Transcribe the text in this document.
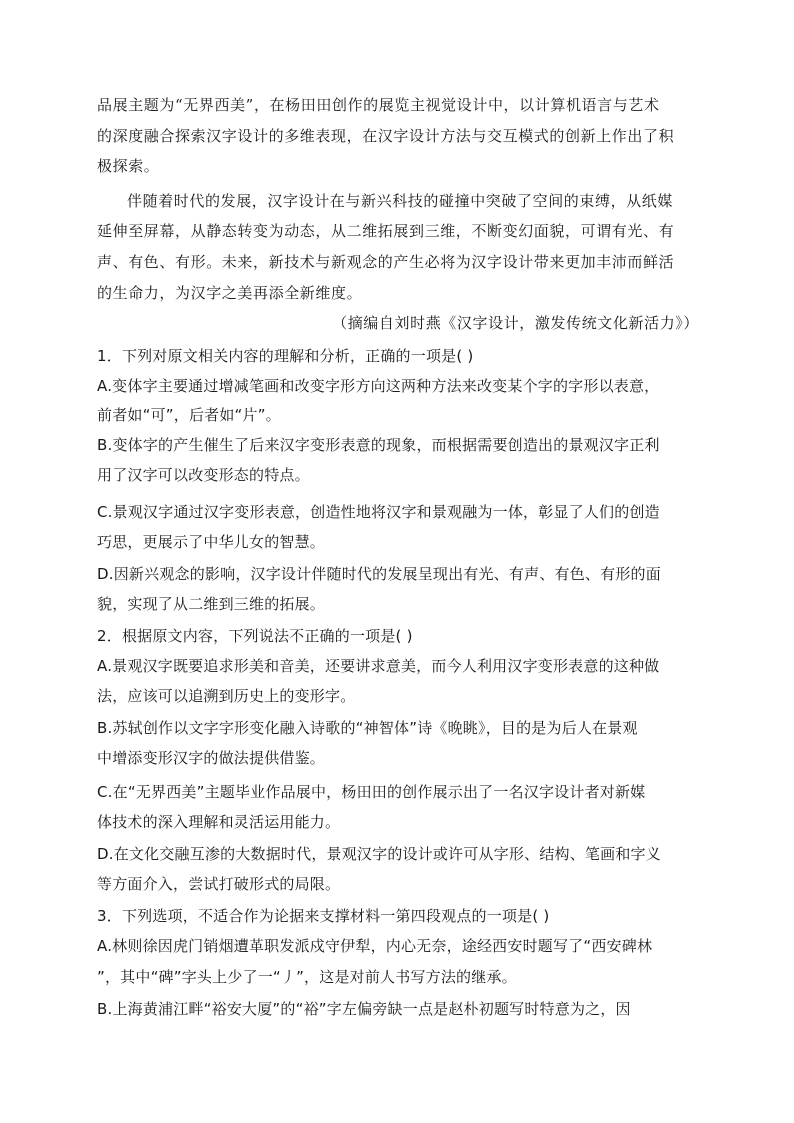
品展主题为“无界西美”，在杨田田创作的展览主视觉设计中，以计算机语言与艺术
的深度融合探索汉字设计的多维表现，在汉字设计方法与交互模式的创新上作出了积
极探索。
伴随着时代的发展，汉字设计在与新兴科技的碰撞中突破了空间的束缚，从纸媒
延伸至屏幕，从静态转变为动态，从二维拓展到三维，不断变幻面貌，可谓有光、有
声、有色、有形。未来，新技术与新观念的产生必将为汉字设计带来更加丰沛而鲜活
的生命力，为汉字之美再添全新维度。
（摘编自刘时燕《汉字设计，激发传统文化新活力》）
1．下列对原文相关内容的理解和分析，正确的一项是( )
A.变体字主要通过增减笔画和改变字形方向这两种方法来改变某个字的字形以表意，
前者如“可”，后者如“片”。
B.变体字的产生催生了后来汉字变形表意的现象，而根据需要创造出的景观汉字正利
用了汉字可以改变形态的特点。
C.景观汉字通过汉字变形表意，创造性地将汉字和景观融为一体，彰显了人们的创造
巧思，更展示了中华儿女的智慧。
D.因新兴观念的影响，汉字设计伴随时代的发展呈现出有光、有声、有色、有形的面
貌，实现了从二维到三维的拓展。
2．根据原文内容，下列说法不正确的一项是( )
A.景观汉字既要追求形美和音美，还要讲求意美，而今人利用汉字变形表意的这种做
法，应该可以追溯到历史上的变形字。
B.苏轼创作以文字字形变化融入诗歌的“神智体”诗《晚眺》，目的是为后人在景观
中增添变形汉字的做法提供借鉴。
C.在“无界西美”主题毕业作品展中，杨田田的创作展示出了一名汉字设计者对新媒
体技术的深入理解和灵活运用能力。
D.在文化交融互渗的大数据时代，景观汉字的设计或许可从字形、结构、笔画和字义
等方面介入，尝试打破形式的局限。
3．下列选项，不适合作为论据来支撑材料一第四段观点的一项是( )
A.林则徐因虎门销烟遭革职发派戍守伊犁，内心无奈，途经西安时题写了“西安碑林
”，其中“碑”字头上少了一“丿”，这是对前人书写方法的继承。
B.上海黄浦江畔“裕安大厦”的“裕”字左偏旁缺一点是赵朴初题写时特意为之，因
